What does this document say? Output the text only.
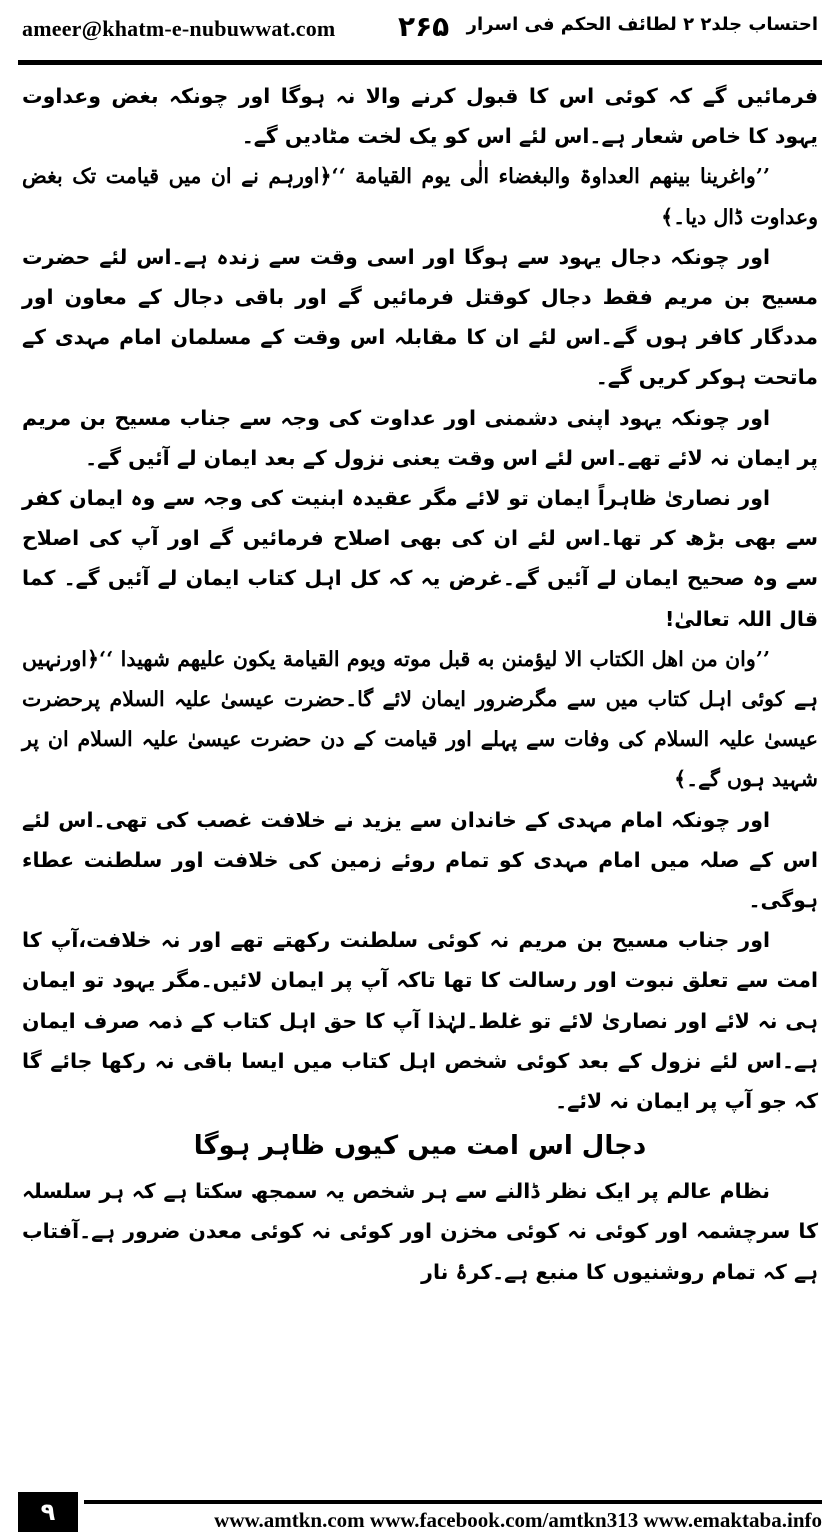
ameer@khatm-e-nubuwwat.com ۲۶۵ احتساب جلد۲ ۲ لطائف الحکم فی اسرار

فرمائیں گے کہ کوئی اس کا قبول کرنے والا نہ ہوگا اور چونکہ بغض وعداوت یہود کا خاص شعار ہے۔اس لئے اس کو یک لخت مٹادیں گے۔

’’واغرینا بینهم العداوۃ والبغضاء الٰی یوم القیامة ‘‘﴿اورہم نے ان میں قیامت تک بغض وعداوت ڈال دیا۔﴾

اور چونکہ دجال یہود سے ہوگا اور اسی وقت سے زندہ ہے۔اس لئے حضرت مسیح بن مریم فقط دجال کوقتل فرمائیں گے اور باقی دجال کے معاون اور مددگار کافر ہوں گے۔اس لئے ان کا مقابلہ اس وقت کے مسلمان امام مہدی کے ماتحت ہوکر کریں گے۔

اور چونکہ یہود اپنی دشمنی اور عداوت کی وجہ سے جناب مسیح بن مریم پر ایمان نہ لائے تھے۔اس لئے اس وقت یعنی نزول کے بعد ایمان لے آئیں گے۔

اور نصاریٰ ظاہراً ایمان تو لائے مگر عقیدہ ابنیت کی وجہ سے وہ ایمان کفر سے بھی بڑھ کر تھا۔اس لئے ان کی بھی اصلاح فرمائیں گے اور آپ کی اصلاح سے وہ صحیح ایمان لے آئیں گے۔غرض یہ کہ کل اہل کتاب ایمان لے آئیں گے۔ کما قال اللہ تعالیٰ!

’’وان من اهل الکتاب الا لیؤمنن به قبل موته ویوم القیامة یکون علیهم شهیدا ‘‘﴿اورنہیں ہے کوئی اہل کتاب میں سے مگرضرور ایمان لائے گا۔حضرت عیسیٰ علیہ السلام پرحضرت عیسیٰ علیہ السلام کی وفات سے پہلے اور قیامت کے دن حضرت عیسیٰ علیہ السلام ان پر شہید ہوں گے۔﴾

اور چونکہ امام مہدی کے خاندان سے یزید نے خلافت غصب کی تھی۔اس لئے اس کے صلہ میں امام مہدی کو تمام روئے زمین کی خلافت اور سلطنت عطاء ہوگی۔

اور جناب مسیح بن مریم نہ کوئی سلطنت رکھتے تھے اور نہ خلافت،آپ کا امت سے تعلق نبوت اور رسالت کا تھا تاکہ آپ پر ایمان لائیں۔مگر یہود تو ایمان ہی نہ لائے اور نصاریٰ لائے تو غلط۔لہٰذا آپ کا حق اہل کتاب کے ذمہ صرف ایمان ہے۔اس لئے نزول کے بعد کوئی شخص اہل کتاب میں ایسا باقی نہ رکھا جائے گا کہ جو آپ پر ایمان نہ لائے۔

دجال اس امت میں کیوں ظاہر ہوگا

نظام عالم پر ایک نظر ڈالنے سے ہر شخص یہ سمجھ سکتا ہے کہ ہر سلسلہ کا سرچشمہ اور کوئی نہ کوئی مخزن اور کوئی نہ کوئی معدن ضرور ہے۔آفتاب ہے کہ تمام روشنیوں کا منبع ہے۔کرۂ نار

۹	www.amtkn.com www.facebook.com/amtkn313 www.emaktaba.info
